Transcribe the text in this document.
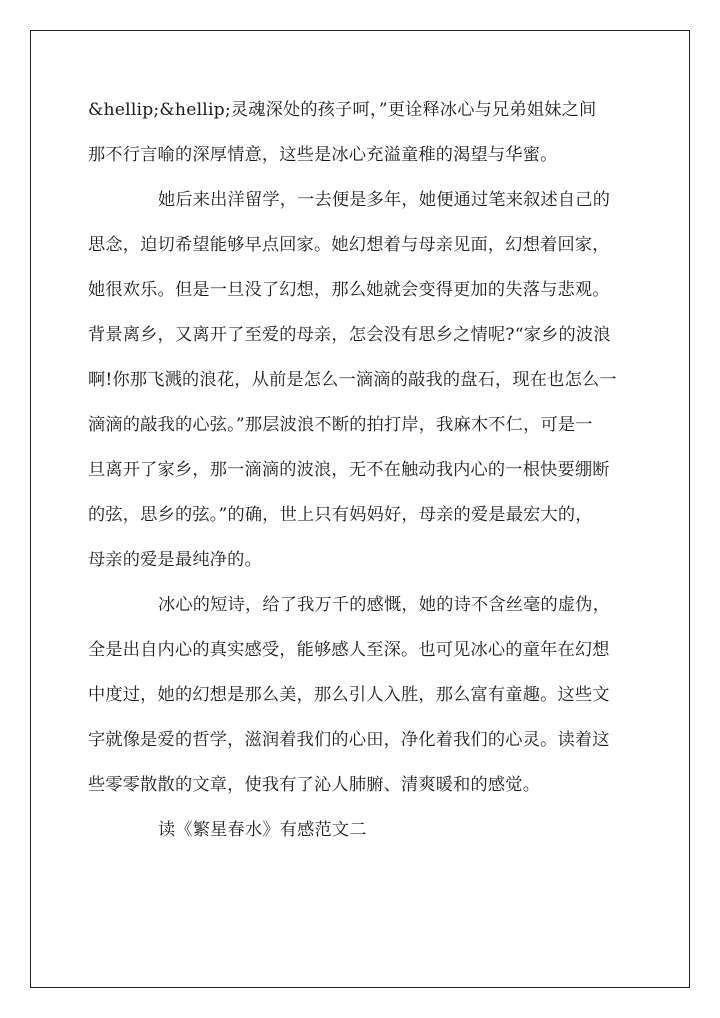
&hellip;&hellip;灵魂深处的孩子呵，”更诠释冰心与兄弟姐妹之间
那不行言喻的深厚情意，这些是冰心充溢童稚的渴望与华蜜。
她后来出洋留学，一去便是多年，她便通过笔来叙述自己的
思念，迫切希望能够早点回家。她幻想着与母亲见面，幻想着回家，
她很欢乐。但是一旦没了幻想，那么她就会变得更加的失落与悲观。
背景离乡，又离开了至爱的母亲，怎会没有思乡之情呢?“家乡的波浪
啊!你那飞溅的浪花，从前是怎么一滴滴的敲我的盘石，现在也怎么一
滴滴的敲我的心弦。”那层波浪不断的拍打岸，我麻木不仁，可是一
旦离开了家乡，那一滴滴的波浪，无不在触动我内心的一根快要绷断
的弦，思乡的弦。”的确，世上只有妈妈好，母亲的爱是最宏大的，
母亲的爱是最纯净的。
冰心的短诗，给了我万千的感慨，她的诗不含丝毫的虚伪，
全是出自内心的真实感受，能够感人至深。也可见冰心的童年在幻想
中度过，她的幻想是那么美，那么引人入胜，那么富有童趣。这些文
字就像是爱的哲学，滋润着我们的心田，净化着我们的心灵。读着这
些零零散散的文章，使我有了沁人肺腑、清爽暖和的感觉。
读《繁星春水》有感范文二
